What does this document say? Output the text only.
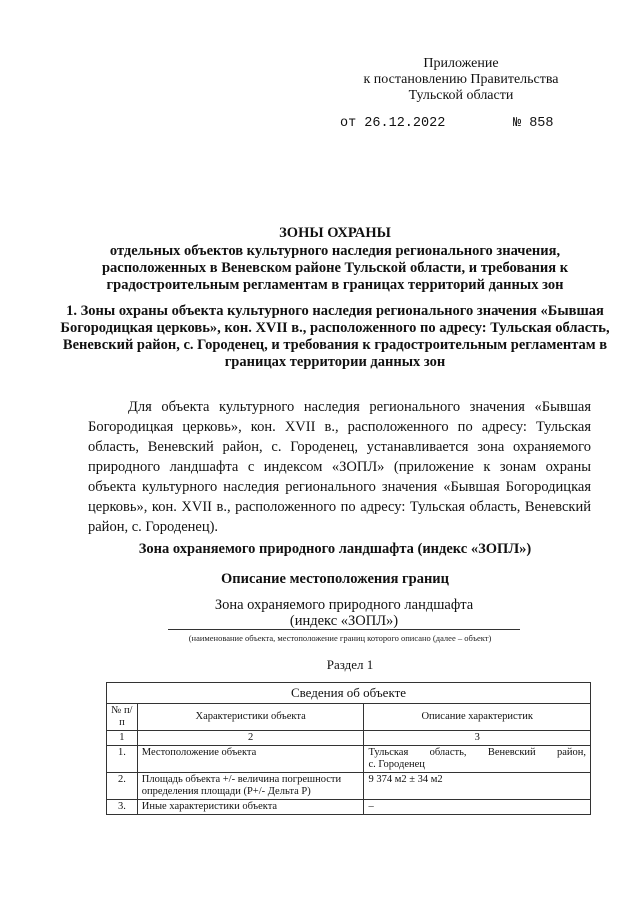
Приложение
к постановлению Правительства
Тульской области
от 26.12.2022	№ 858
ЗОНЫ ОХРАНЫ
отдельных объектов культурного наследия регионального значения, расположенных в Веневском районе Тульской области, и требования к градостроительным регламентам в границах территорий данных зон
1. Зоны охраны объекта культурного наследия регионального значения «Бывшая Богородицкая церковь», кон. XVII в., расположенного по адресу: Тульская область, Веневский район, с. Городенец, и требования к градостроительным регламентам в границах территории данных зон
Для объекта культурного наследия регионального значения «Бывшая Богородицкая церковь», кон. XVII в., расположенного по адресу: Тульская область, Веневский район, с. Городенец, устанавливается зона охраняемого природного ландшафта с индексом «ЗОПЛ» (приложение к зонам охраны объекта культурного наследия регионального значения «Бывшая Богородицкая церковь», кон. XVII в., расположенного по адресу: Тульская область, Веневский район, с. Городенец).
Зона охраняемого природного ландшафта (индекс «ЗОПЛ»)
Описание местоположения границ
Зона охраняемого природного ландшафта
(индекс «ЗОПЛ»)
(наименование объекта, местоположение границ которого описано (далее – объект)
Раздел 1
Сведения об объекте		
№ п/п	Характеристики объекта	Описание характеристик
1	2	3
1.	Местоположение объекта	Тульская область, Веневский район,
с. Городенец

2.	Площадь объекта +/- величина погрешности определения площади (Р+/- Дельта Р)	9 374 м2 ± 34 м2

3.	Иные характеристики объекта	–
